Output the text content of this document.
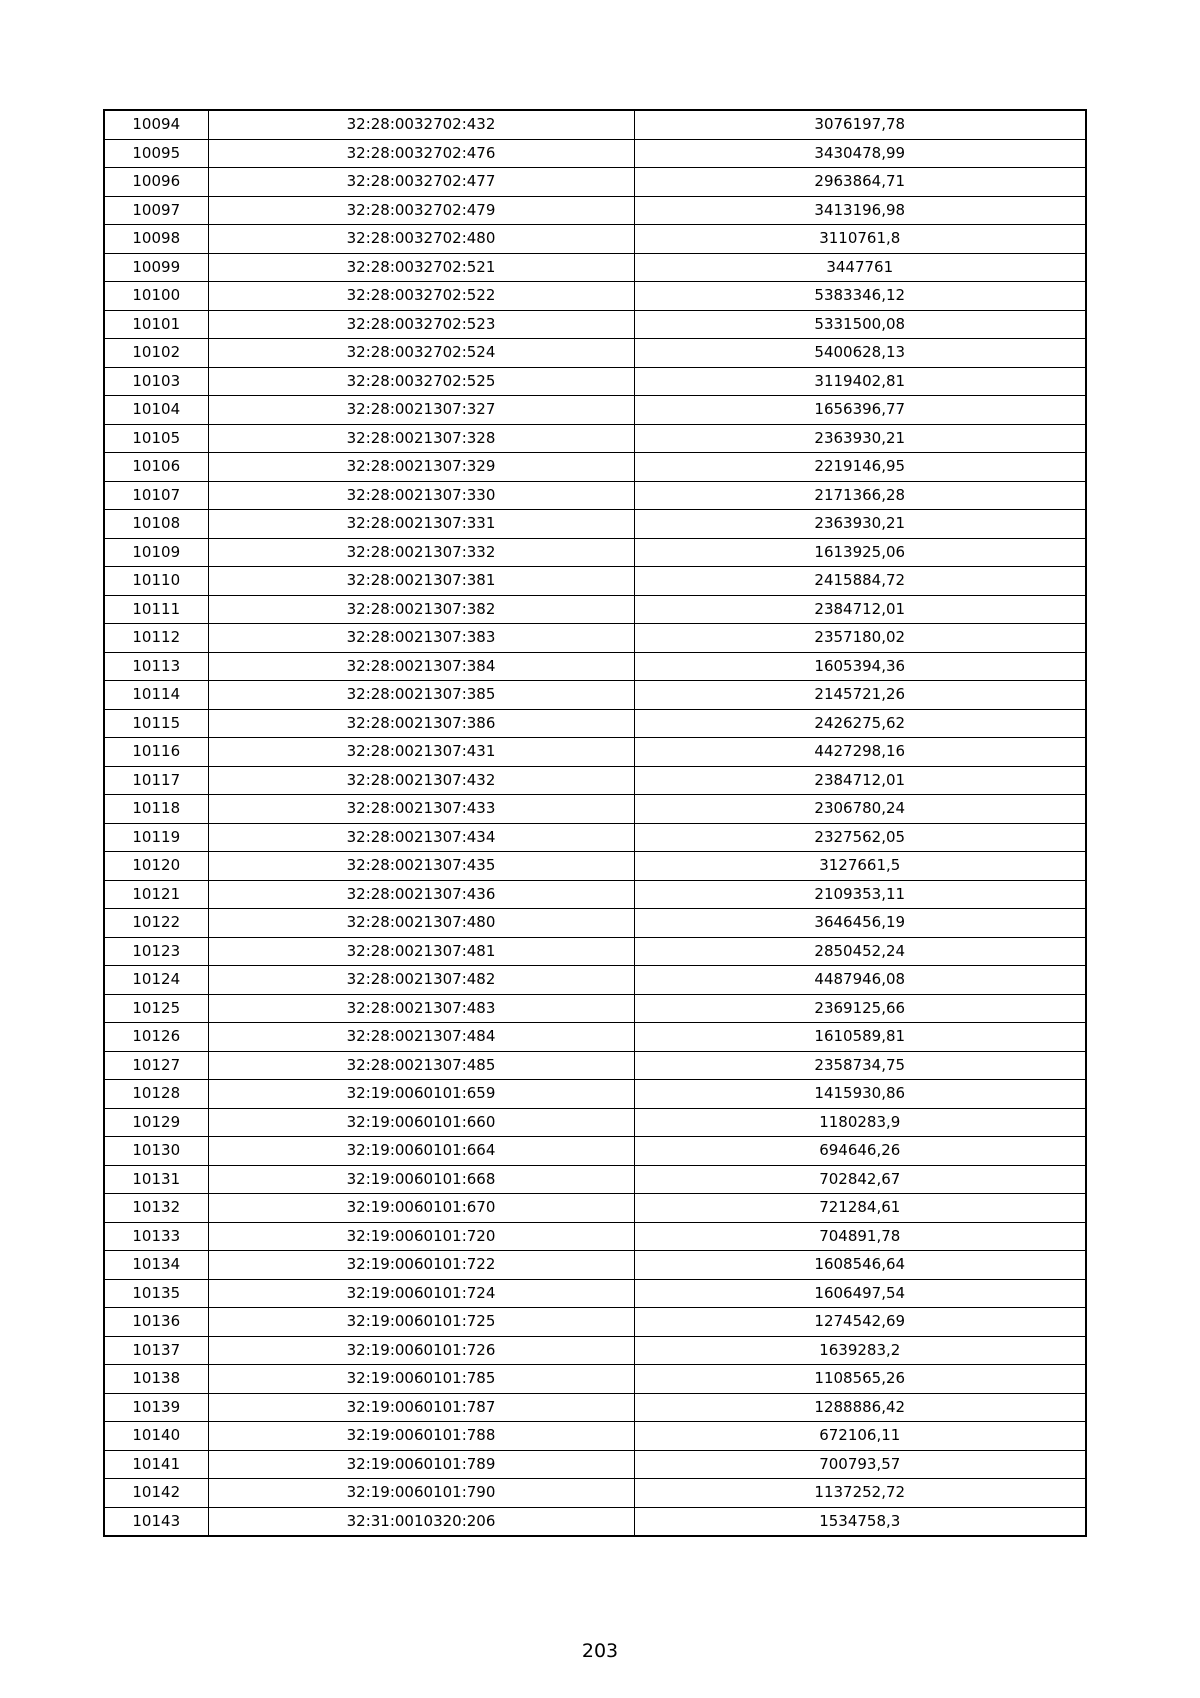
10094	32:28:0032702:432	3076197,78
10095	32:28:0032702:476	3430478,99
10096	32:28:0032702:477	2963864,71
10097	32:28:0032702:479	3413196,98
10098	32:28:0032702:480	3110761,8
10099	32:28:0032702:521	3447761
10100	32:28:0032702:522	5383346,12
10101	32:28:0032702:523	5331500,08
10102	32:28:0032702:524	5400628,13
10103	32:28:0032702:525	3119402,81
10104	32:28:0021307:327	1656396,77
10105	32:28:0021307:328	2363930,21
10106	32:28:0021307:329	2219146,95
10107	32:28:0021307:330	2171366,28
10108	32:28:0021307:331	2363930,21
10109	32:28:0021307:332	1613925,06
10110	32:28:0021307:381	2415884,72
10111	32:28:0021307:382	2384712,01
10112	32:28:0021307:383	2357180,02
10113	32:28:0021307:384	1605394,36
10114	32:28:0021307:385	2145721,26
10115	32:28:0021307:386	2426275,62
10116	32:28:0021307:431	4427298,16
10117	32:28:0021307:432	2384712,01
10118	32:28:0021307:433	2306780,24
10119	32:28:0021307:434	2327562,05
10120	32:28:0021307:435	3127661,5
10121	32:28:0021307:436	2109353,11
10122	32:28:0021307:480	3646456,19
10123	32:28:0021307:481	2850452,24
10124	32:28:0021307:482	4487946,08
10125	32:28:0021307:483	2369125,66
10126	32:28:0021307:484	1610589,81
10127	32:28:0021307:485	2358734,75
10128	32:19:0060101:659	1415930,86
10129	32:19:0060101:660	1180283,9
10130	32:19:0060101:664	694646,26
10131	32:19:0060101:668	702842,67
10132	32:19:0060101:670	721284,61
10133	32:19:0060101:720	704891,78
10134	32:19:0060101:722	1608546,64
10135	32:19:0060101:724	1606497,54
10136	32:19:0060101:725	1274542,69
10137	32:19:0060101:726	1639283,2
10138	32:19:0060101:785	1108565,26
10139	32:19:0060101:787	1288886,42
10140	32:19:0060101:788	672106,11
10141	32:19:0060101:789	700793,57
10142	32:19:0060101:790	1137252,72
10143	32:31:0010320:206	1534758,3
203
